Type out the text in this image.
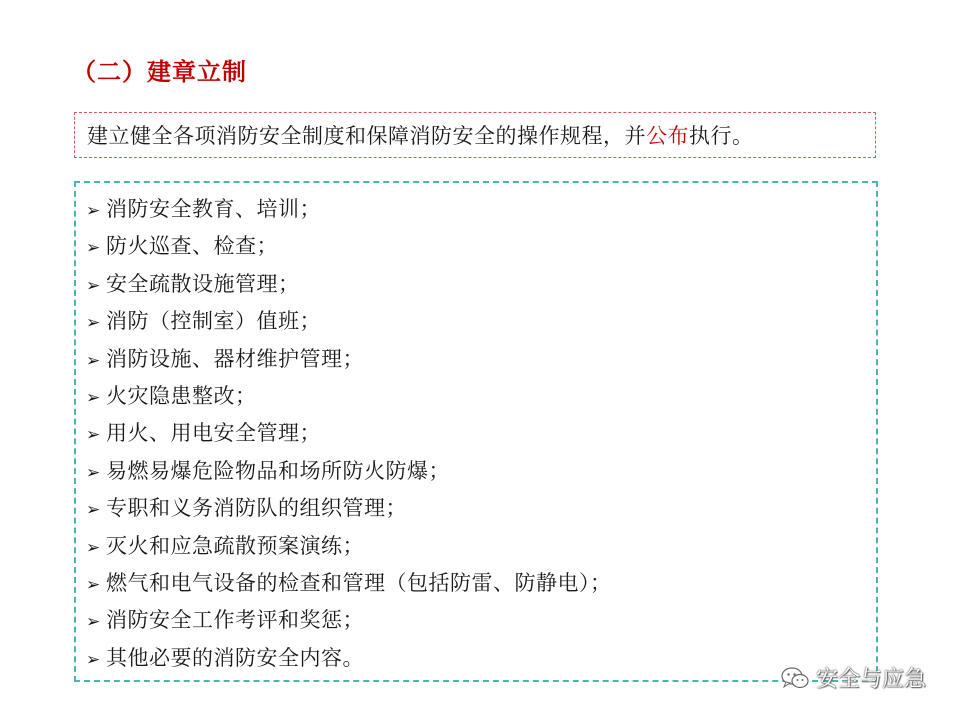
（二）建章立制
建立健全各项消防安全制度和保障消防安全的操作规程，并 公布 执行。
➢ 消防安全教育、培训；
➢ 防火巡查、检查；
➢ 安全疏散设施管理；
➢ 消防（控制室）值班；
➢ 消防设施、器材维护管理；
➢ 火灾隐患整改；
➢ 用火、用电安全管理；
➢ 易燃易爆危险物品和场所防火防爆；
➢ 专职和义务消防队的组织管理；
➢ 灭火和应急疏散预案演练；
➢ 燃气和电气设备的检查和管理（包括防雷、防静电）；
➢ 消防安全工作考评和奖惩；
➢ 其他必要的消防安全内容。
安全与应急
